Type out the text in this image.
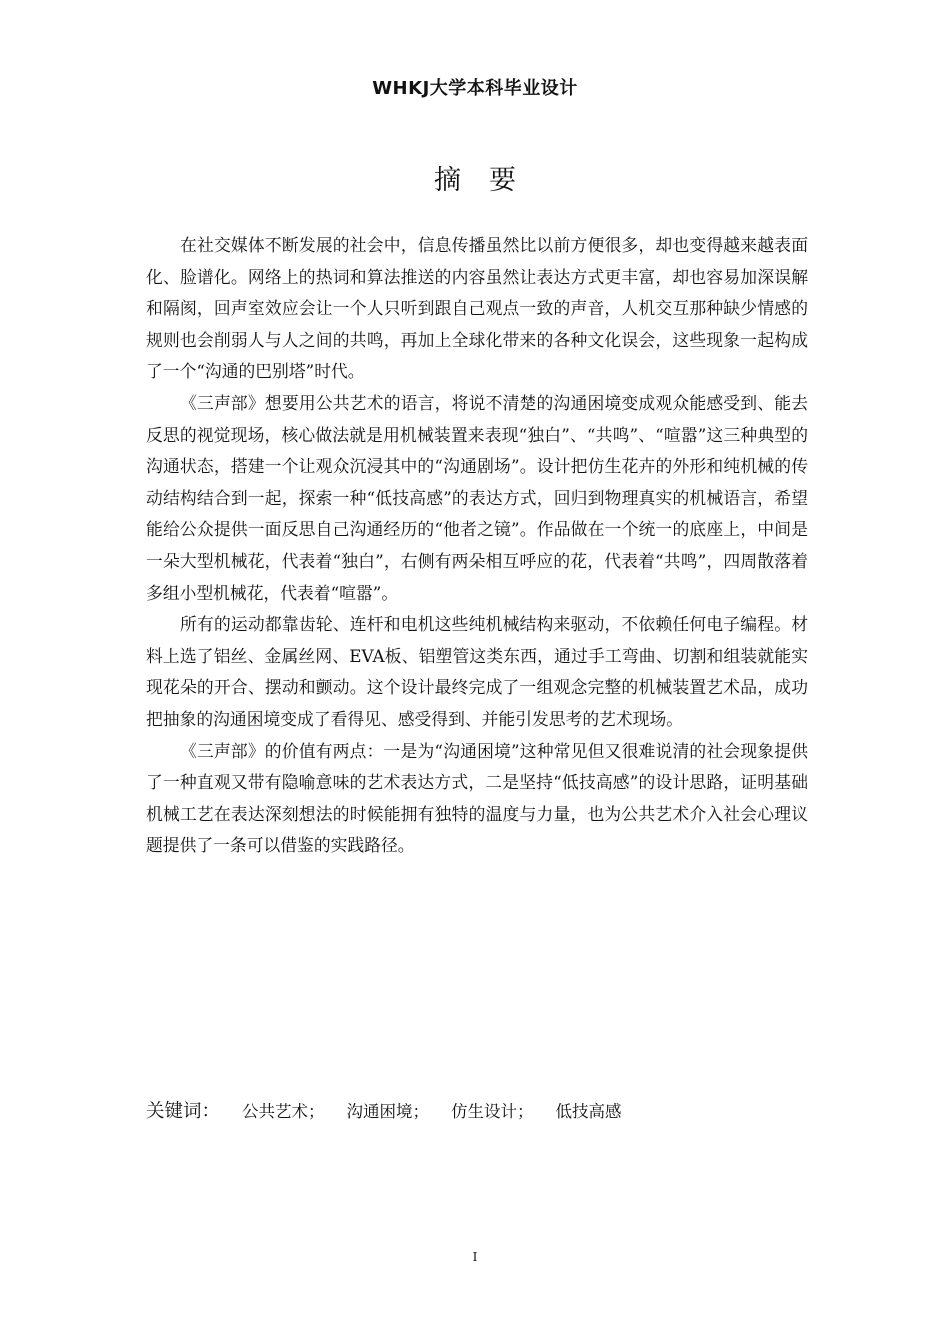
WHKJ大学本科毕业设计
摘要

在社交媒体不断发展的社会中，信息传播虽然比以前方便很多，却也变得越来越表面化、脸谱化。网络上的热词和算法推送的内容虽然让表达方式更丰富，却也容易加深误解和隔阂，回声室效应会让一个人只听到跟自己观点一致的声音，人机交互那种缺少情感的规则也会削弱人与人之间的共鸣，再加上全球化带来的各种文化误会，这些现象一起构成了一个“沟通的巴别塔”时代。

《三声部》想要用公共艺术的语言，将说不清楚的沟通困境变成观众能感受到、能去反思的视觉现场，核心做法就是用机械装置来表现“独白”、“共鸣”、“喧嚣”这三种典型的沟通状态，搭建一个让观众沉浸其中的“沟通剧场”。设计把仿生花卉的外形和纯机械的传动结构结合到一起，探索一种“低技高感”的表达方式，回归到物理真实的机械语言，希望能给公众提供一面反思自己沟通经历的“他者之镜”。作品做在一个统一的底座上，中间是一朵大型机械花，代表着“独白”，右侧有两朵相互呼应的花，代表着“共鸣”，四周散落着多组小型机械花，代表着“喧嚣”。

所有的运动都靠齿轮、连杆和电机这些纯机械结构来驱动，不依赖任何电子编程。材料上选了铝丝、金属丝网、EVA板、铝塑管这类东西，通过手工弯曲、切割和组装就能实现花朵的开合、摆动和颤动。这个设计最终完成了一组观念完整的机械装置艺术品，成功把抽象的沟通困境变成了看得见、感受得到、并能引发思考的艺术现场。

《三声部》的价值有两点：一是为“沟通困境”这种常见但又很难说清的社会现象提供了一种直观又带有隐喻意味的艺术表达方式，二是坚持“低技高感”的设计思路，证明基础机械工艺在表达深刻想法的时候能拥有独特的温度与力量，也为公共艺术介入社会心理议题提供了一条可以借鉴的实践路径。

关键词： 公共艺术； 沟通困境； 仿生设计； 低技高感
I
